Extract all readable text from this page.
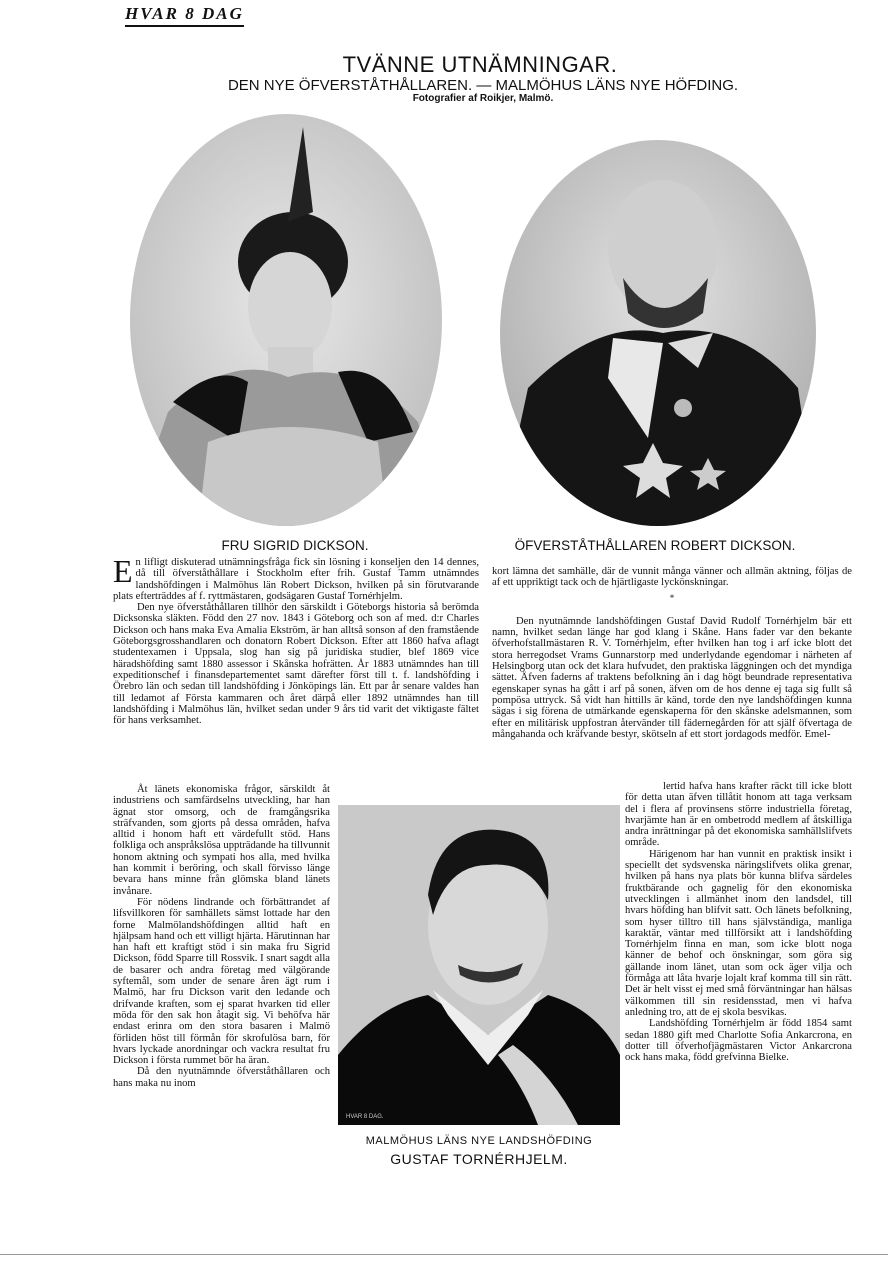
HVAR 8 DAG
TVÄNNE UTNÄMNINGAR.
DEN NYE ÖFVERSTÅTHÅLLAREN. — MALMÖHUS LÄNS NYE HÖFDING.
Fotografier af Roikjer, Malmö.
FRU SIGRID DICKSON.	ÖFVERSTÅTHÅLLAREN ROBERT DICKSON.

En lifligt diskuterad utnämningsfråga fick sin lösning i konseljen den 14 dennes, då till öfverståthållare i Stockholm efter frih. Gustaf Tamm utnämndes landshöfdingen i Malmöhus län Robert Dickson, hvilken på sin förutvarande plats efterträddes af f. ryttmästaren, godsägaren Gustaf Tornérhjelm.

Den nye öfverståthållaren tillhör den särskildt i Göteborgs historia så berömda Dicksonska släkten. Född den 27 nov. 1843 i Göteborg och son af med. d:r Charles Dickson och hans maka Eva Amalia Ekström, är han alltså sonson af den framstående Göteborgsgrosshandlaren och donatorn Robert Dickson. Efter att 1860 hafva aflagt studentexamen i Uppsala, slog han sig på juridiska studier, blef 1869 vice häradshöfding samt 1880 assessor i Skånska hofrätten. År 1883 utnämndes han till expeditionschef i finansdepartementet samt därefter först till t. f. landshöfding i Örebro län och sedan till landshöfding i Jönköpings län. Ett par år senare valdes han till ledamot af Första kammaren och året därpå eller 1892 utnämndes han till landshöfding i Malmöhus län, hvilket sedan under 9 års tid varit det viktigaste fältet för hans verksamhet.

Åt länets ekonomiska frågor, särskildt åt industriens och samfärdselns utveckling, har han ägnat stor omsorg, och de framgångsrika sträfvanden, som gjorts på dessa områden, hafva alltid i honom haft ett värdefullt stöd. Hans folkliga och anspråkslösa uppträdande ha tillvunnit honom aktning och sympati hos alla, med hvilka han kommit i beröring, och skall förvisso länge bevara hans minne från glömska bland länets invånare.

För nödens lindrande och förbättrandet af lifsvillkoren för samhällets sämst lottade har den forne Malmölandshöfdingen alltid haft en hjälpsam hand och ett villigt hjärta. Härutinnan har han haft ett kraftigt stöd i sin maka fru Sigrid Dickson, född Sparre till Rossvik. I snart sagdt alla de basarer och andra företag med välgörande syftemål, som under de senare åren ägt rum i Malmö, har fru Dickson varit den ledande och drifvande kraften, som ej sparat hvarken tid eller möda för den sak hon åtagit sig. Vi behöfva här endast erinra om den stora basaren i Malmö förliden höst till förmån för skrofulösa barn, för hvars lyckade anordningar och vackra resultat fru Dickson i första rummet bör ha äran.

Då den nyutnämnde öfverståthållaren och hans maka nu inom

kort lämna det samhälle, där de vunnit många vänner och allmän aktning, följas de af ett uppriktigt tack och de hjärtligaste lyckönskningar.

*

Den nyutnämnde landshöfdingen Gustaf David Rudolf Tornérhjelm bär ett namn, hvilket sedan länge har god klang i Skåne. Hans fader var den bekante öfverhofstallmästaren R. V. Tornérhjelm, efter hvilken han tog i arf icke blott det stora herregodset Vrams Gunnarstorp med underlydande egendomar i närheten af Helsingborg utan ock det klara hufvudet, den praktiska läggningen och det myndiga sättet. Äfven faderns af traktens befolkning än i dag högt beundrade representativa egenskaper synas ha gått i arf på sonen, äfven om de hos denne ej taga sig fullt så pompösa uttryck. Så vidt han hittills är känd, torde den nye landshöfdingen kunna sägas i sig förena de utmärkande egenskaperna för den skånske adelsmannen, som efter en militärisk uppfostran återvänder till fädernegården för att själf öfvertaga de mångahanda och kräfvande bestyr, skötseln af ett stort jordagods medför. Emel-

lertid hafva hans krafter räckt till icke blott för detta utan äfven tillåtit honom att taga verksam del i flera af provinsens större industriella företag, hvarjämte han är en ombetrodd medlem af åtskilliga andra inrättningar på det ekonomiska samhällslifvets område.

Härigenom har han vunnit en praktisk insikt i speciellt det sydsvenska näringslifvets olika grenar, hvilken på hans nya plats bör kunna blifva särdeles fruktbärande och gagnelig för den ekonomiska utvecklingen i allmänhet inom den landsdel, till hvars höfding han blifvit satt. Och länets befolkning, som hyser tilltro till hans självständiga, manliga karaktär, väntar med tillförsikt att i landshöfding Tornérhjelm finna en man, som icke blott noga känner de behof och önskningar, som göra sig gällande inom länet, utan som ock äger vilja och förmåga att låta hvarje lojalt kraf komma till sin rätt. Det är helt visst ej med små förväntningar han hälsas välkommen till sin residensstad, men vi hafva anledning tro, att de ej skola besvikas.

Landshöfding Tornérhjelm är född 1854 samt sedan 1880 gift med Charlotte Sofia Ankarcrona, en dotter till öfverhofjägmästaren Victor Ankarcrona ock hans maka, född grefvinna Bielke.

HVAR 8 DAG.
MALMÖHUS LÄNS NYE LANDSHÖFDING
GUSTAF TORNÉRHJELM.
